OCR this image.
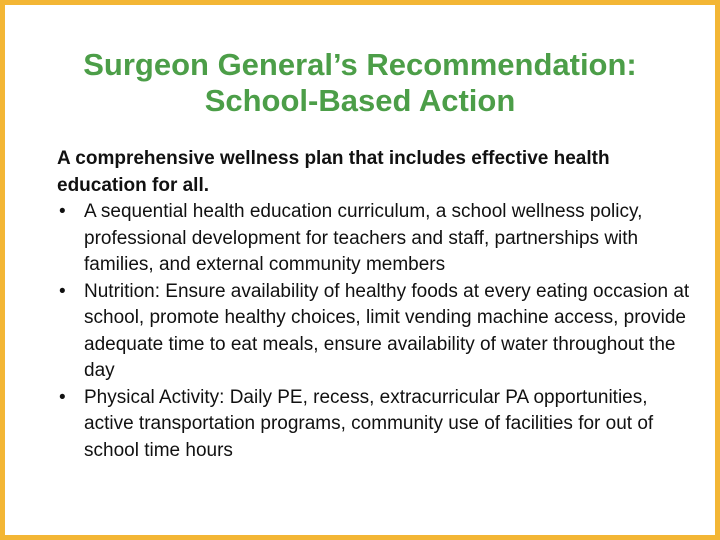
Surgeon General’s Recommendation:
School-Based Action

A comprehensive wellness plan that includes effective health education for all.

• A sequential health education curriculum, a school wellness policy, professional development for teachers and staff, partnerships with families, and external community members
• Nutrition: Ensure availability of healthy foods at every eating occasion at school, promote healthy choices, limit vending machine access, provide adequate time to eat meals, ensure availability of water throughout the day
• Physical Activity: Daily PE, recess, extracurricular PA opportunities, active transportation programs, community use of facilities for out of school time hours
